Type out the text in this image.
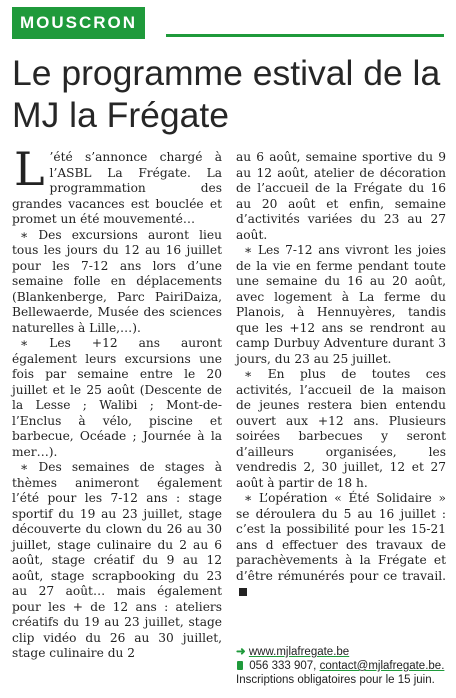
MOUSCRON
Le programme estival de la MJ la Frégate

L ’été s’annonce chargé à l’ASBL La Frégate. La programmation des grandes vacances est bouclée et promet un été mouvementé…

∗ Des excursions auront lieu tous les jours du 12 au 16 juillet pour les 7-12 ans lors d’une semaine folle en déplacements (Blankenberge, Parc PairiDaiza, Bellewaerde, Musée des sciences naturelles à Lille,…).

∗ Les +12 ans auront également leurs excursions une fois par semaine entre le 20 juillet et le 25 août (Descente de la Lesse ; Walibi ; Mont-de-l’Enclus à vélo, piscine et barbecue, Océade ; Journée à la mer…).

∗ Des semaines de stages à thèmes animeront également l’été pour les 7-12 ans : stage sportif du 19 au 23 juillet, stage découverte du clown du 26 au 30 juillet, stage culinaire du 2 au 6 août, stage créatif du 9 au 12 août, stage scrapbooking du 23 au 27 août… mais également pour les + de 12 ans : ateliers créatifs du 19 au 23 juillet, stage clip vidéo du 26 au 30 juillet, stage culinaire du 2

au 6 août, semaine sportive du 9 au 12 août, atelier de décoration de l’accueil de la Frégate du 16 au 20 août et enfin, semaine d’activités variées du 23 au 27 août.

∗ Les 7-12 ans vivront les joies de la vie en ferme pendant toute une semaine du 16 au 20 août, avec logement à La ferme du Planois, à Hennuyères, tandis que les +12 ans se rendront au camp Durbuy Adventure durant 3 jours, du 23 au 25 juillet.

∗ En plus de toutes ces activités, l’accueil de la maison de jeunes restera bien entendu ouvert aux +12 ans. Plusieurs soirées barbecues y seront d’ailleurs organisées, les vendredis 2, 30 juillet, 12 et 27 août à partir de 18 h.

∗ L’opération « Été Solidaire » se déroulera du 5 au 16 juillet : c’est la possibilité pour les 15-21 ans d effectuer des travaux de parachèvements à la Frégate et d’être rémunérés pour ce travail.

➜ www.mjlafregate.be
056 333 907, contact@mjlafregate.be. Inscriptions obligatoires pour le 15 juin.
